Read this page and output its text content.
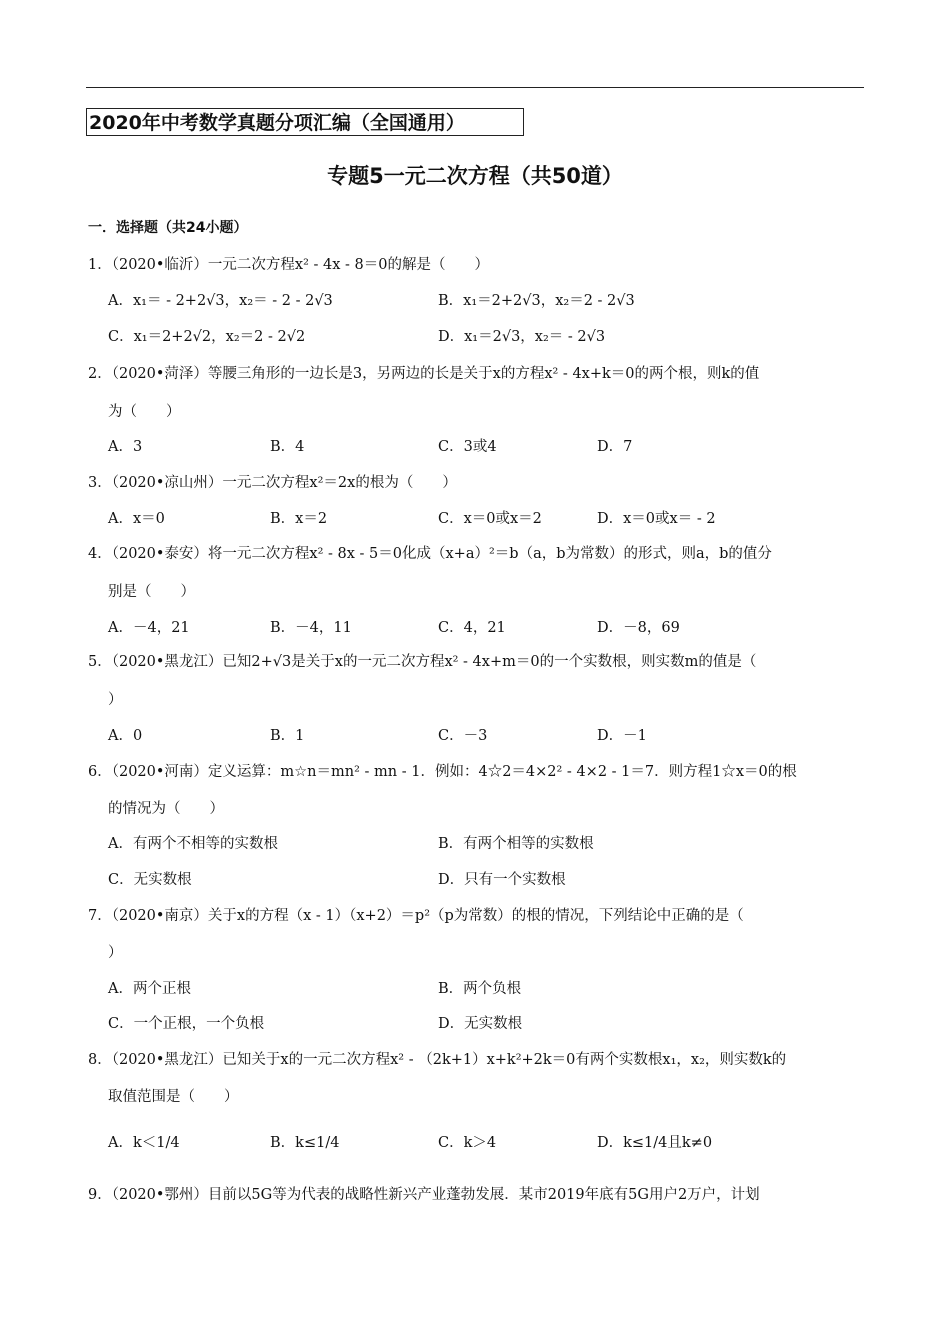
2020年中考数学真题分项汇编（全国通用）
专题5一元二次方程（共50道）
一．选择题（共24小题）
1．（2020•临沂）一元二次方程x² - 4x - 8＝0的解是（　　）
A．x₁＝ - 2+2√3，x₂＝ - 2 - 2√3	B．x₁＝2+2√3，x₂＝2 - 2√3
C．x₁＝2+2√2，x₂＝2 - 2√2	D．x₁＝2√3，x₂＝ - 2√3
2．（2020•菏泽）等腰三角形的一边长是3，另两边的长是关于x的方程x² - 4x+k＝0的两个根，则k的值
为（　　）
A．3	B．4	C．3或4	D．7
3．（2020•凉山州）一元二次方程x²＝2x的根为（　　）
A．x＝0	B．x＝2	C．x＝0或x＝2	D．x＝0或x＝ - 2
4．（2020•泰安）将一元二次方程x² - 8x - 5＝0化成（x+a）²＝b（a，b为常数）的形式，则a，b的值分
别是（　　）
A．－4，21	B．－4，11	C．4，21	D．－8，69
5．（2020•黑龙江）已知2+√3是关于x的一元二次方程x² - 4x+m＝0的一个实数根，则实数m的值是（
）
A．0	B．1	C．－3	D．－1
6．（2020•河南）定义运算：m☆n＝mn² - mn - 1．例如：4☆2＝4×2² - 4×2 - 1＝7．则方程1☆x＝0的根
的情况为（　　）
A．有两个不相等的实数根	B．有两个相等的实数根
C．无实数根	D．只有一个实数根
7．（2020•南京）关于x的方程（x - 1）（x+2）＝p²（p为常数）的根的情况，下列结论中正确的是（
）
A．两个正根	B．两个负根
C．一个正根，一个负根	D．无实数根
8．（2020•黑龙江）已知关于x的一元二次方程x² - （2k+1）x+k²+2k＝0有两个实数根x₁，x₂，则实数k的
取值范围是（　　）
A．k＜1/4	B．k≤1/4	C．k＞4	D．k≤1/4且k≠0
9．（2020•鄂州）目前以5G等为代表的战略性新兴产业蓬勃发展．某市2019年底有5G用户2万户，计划
